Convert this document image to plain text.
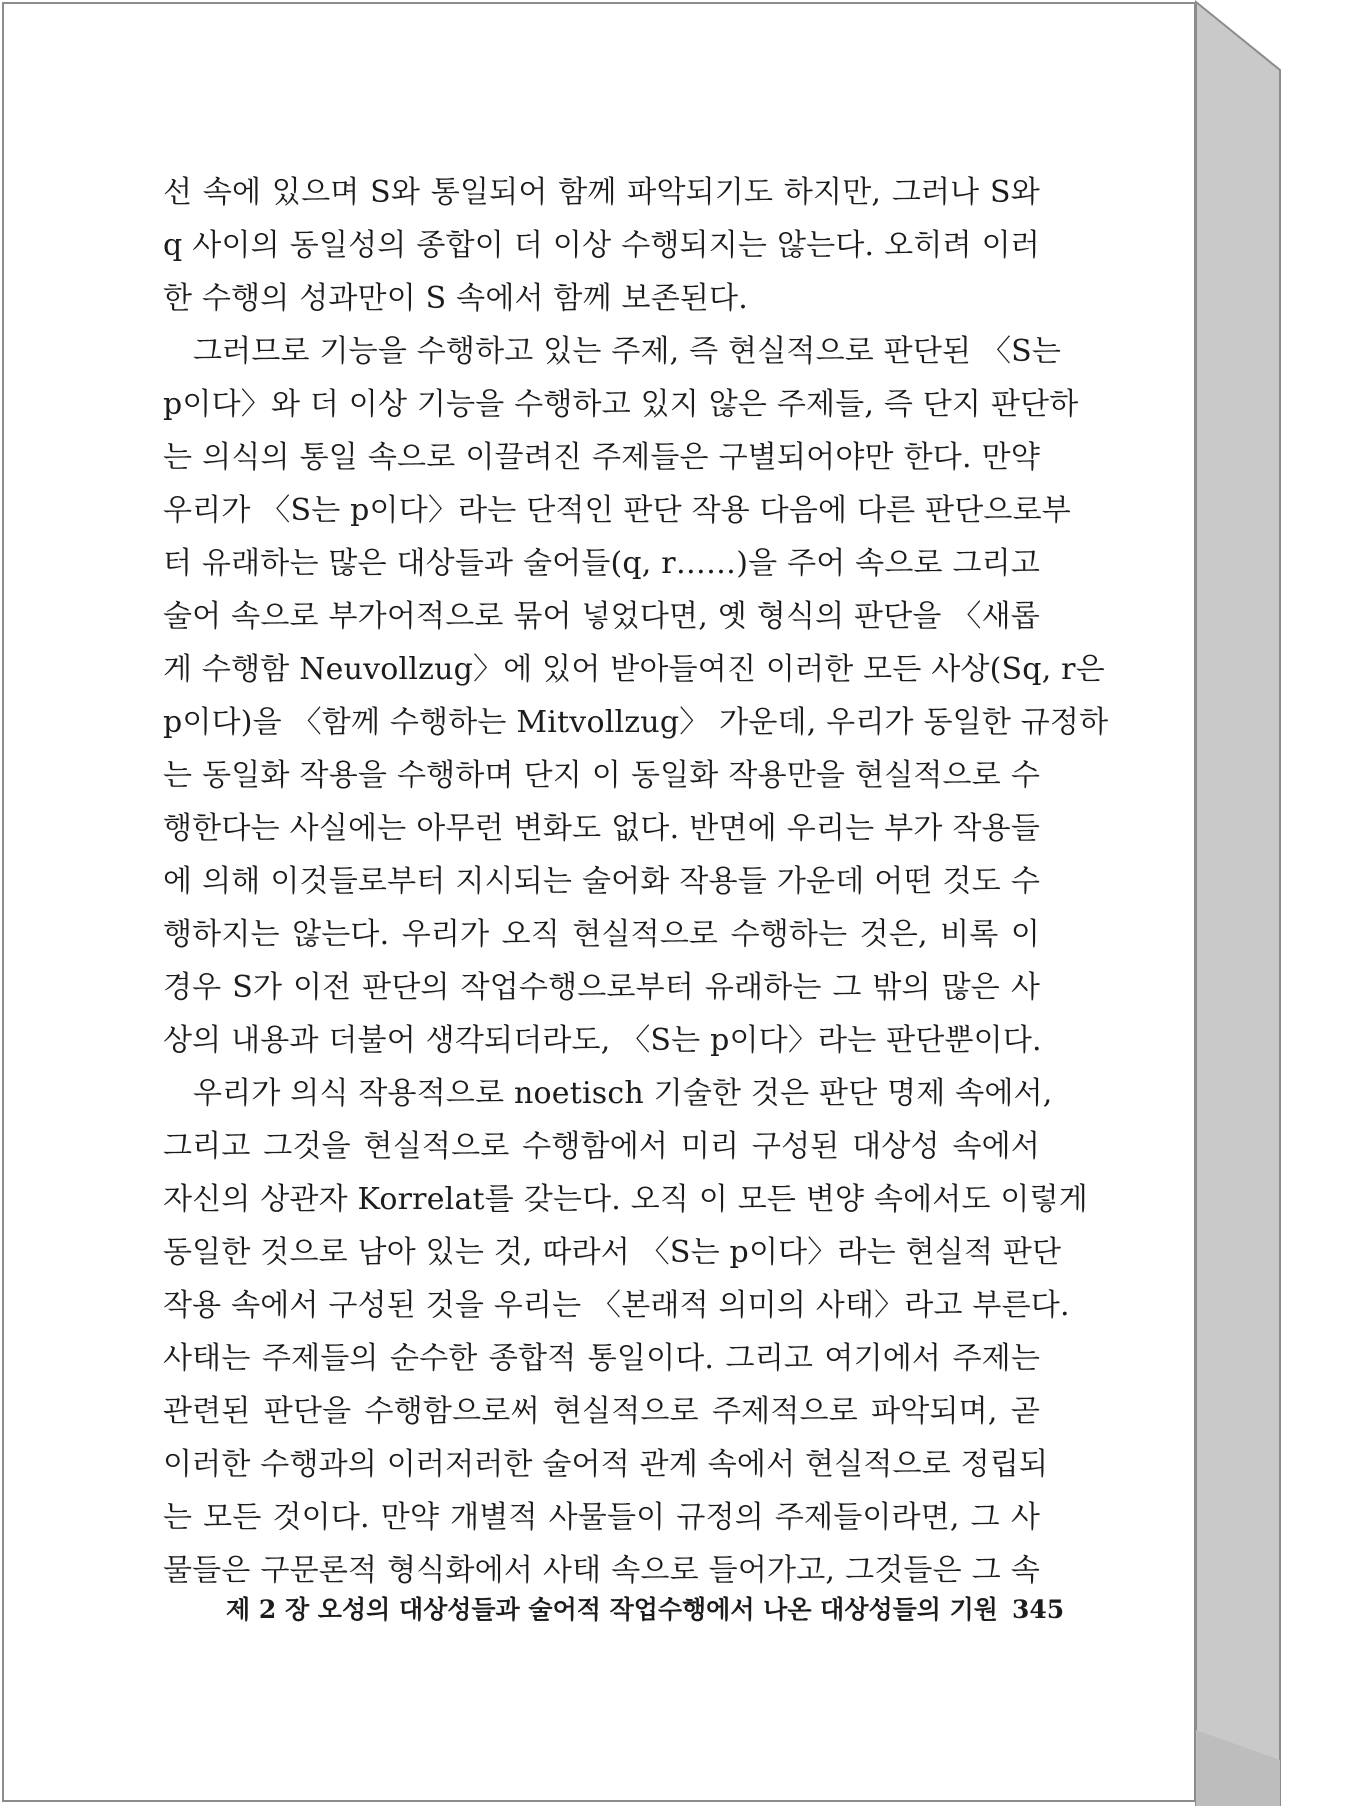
선 속에 있으며 S와 통일되어 함께 파악되기도 하지만, 그러나 S와
q 사이의 동일성의 종합이 더 이상 수행되지는 않는다. 오히려 이러
한 수행의 성과만이 S 속에서 함께 보존된다.
그러므로 기능을 수행하고 있는 주제, 즉 현실적으로 판단된 〈S는
p이다〉와 더 이상 기능을 수행하고 있지 않은 주제들, 즉 단지 판단하
는 의식의 통일 속으로 이끌려진 주제들은 구별되어야만 한다. 만약
우리가 〈S는 p이다〉라는 단적인 판단 작용 다음에 다른 판단으로부
터 유래하는 많은 대상들과 술어들(q, r……)을 주어 속으로 그리고
술어 속으로 부가어적으로 묶어 넣었다면, 옛 형식의 판단을 〈새롭
게 수행함 Neuvollzug〉에 있어 받아들여진 이러한 모든 사상(Sq, r은
p이다)을 〈함께 수행하는 Mitvollzug〉 가운데, 우리가 동일한 규정하
는 동일화 작용을 수행하며 단지 이 동일화 작용만을 현실적으로 수
행한다는 사실에는 아무런 변화도 없다. 반면에 우리는 부가 작용들
에 의해 이것들로부터 지시되는 술어화 작용들 가운데 어떤 것도 수
행하지는 않는다. 우리가 오직 현실적으로 수행하는 것은, 비록 이
경우 S가 이전 판단의 작업수행으로부터 유래하는 그 밖의 많은 사
상의 내용과 더불어 생각되더라도, 〈S는 p이다〉라는 판단뿐이다.
우리가 의식 작용적으로 noetisch 기술한 것은 판단 명제 속에서,
그리고 그것을 현실적으로 수행함에서 미리 구성된 대상성 속에서
자신의 상관자 Korrelat를 갖는다. 오직 이 모든 변양 속에서도 이렇게
동일한 것으로 남아 있는 것, 따라서 〈S는 p이다〉라는 현실적 판단
작용 속에서 구성된 것을 우리는 〈본래적 의미의 사태〉라고 부른다.
사태는 주제들의 순수한 종합적 통일이다. 그리고 여기에서 주제는
관련된 판단을 수행함으로써 현실적으로 주제적으로 파악되며, 곧
이러한 수행과의 이러저러한 술어적 관계 속에서 현실적으로 정립되
는 모든 것이다. 만약 개별적 사물들이 규정의 주제들이라면, 그 사
물들은 구문론적 형식화에서 사태 속으로 들어가고, 그것들은 그 속
제 2 장 오성의 대상성들과 술어적 작업수행에서 나온 대상성들의 기원 345
